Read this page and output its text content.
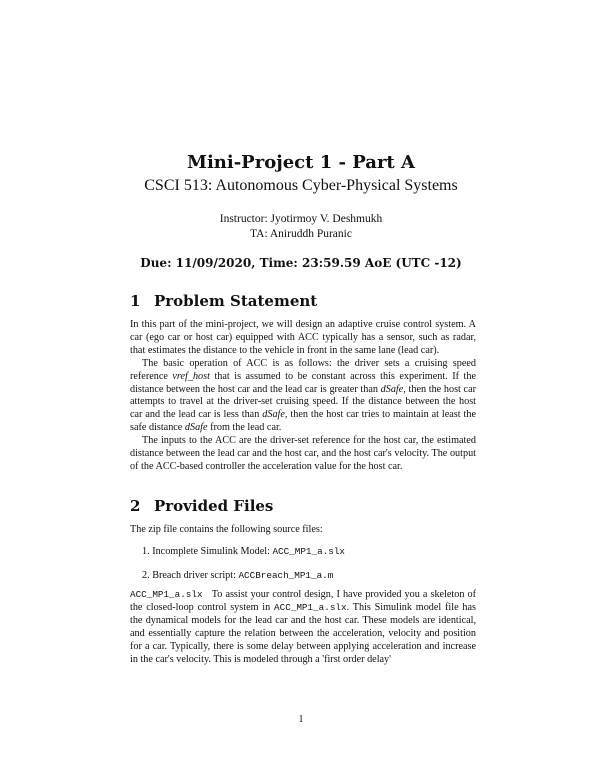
Mini-Project 1 - Part A
CSCI 513: Autonomous Cyber-Physical Systems
Instructor: Jyotirmoy V. Deshmukh
TA: Aniruddh Puranic
Due: 11/09/2020, Time: 23:59.59 AoE (UTC -12)
1 Problem Statement

In this part of the mini-project, we will design an adaptive cruise control system. A car (ego car or host car) equipped with ACC typically has a sensor, such as radar, that estimates the distance to the vehicle in front in the same lane (lead car).

The basic operation of ACC is as follows: the driver sets a cruising speed reference vref_host that is assumed to be constant across this experiment. If the distance between the host car and the lead car is greater than dSafe, then the host car attempts to travel at the driver-set cruising speed. If the distance between the host car and the lead car is less than dSafe, then the host car tries to maintain at least the safe distance dSafe from the lead car.

The inputs to the ACC are the driver-set reference for the host car, the estimated distance between the lead car and the host car, and the host car's velocity. The output of the ACC-based controller the acceleration value for the host car.

2 Provided Files
The zip file contains the following source files:
1. Incomplete Simulink Model: ACC_MP1_a.slx
2. Breach driver script: ACCBreach_MP1_a.m

ACC_MP1_a.slx To assist your control design, I have provided you a skeleton of the closed-loop control system in ACC_MP1_a.slx. This Simulink model file has the dynamical models for the lead car and the host car. These models are identical, and essentially capture the relation between the acceleration, velocity and position for a car. Typically, there is some delay between applying acceleration and increase in the car's velocity. This is modeled through a 'first order delay'

1
